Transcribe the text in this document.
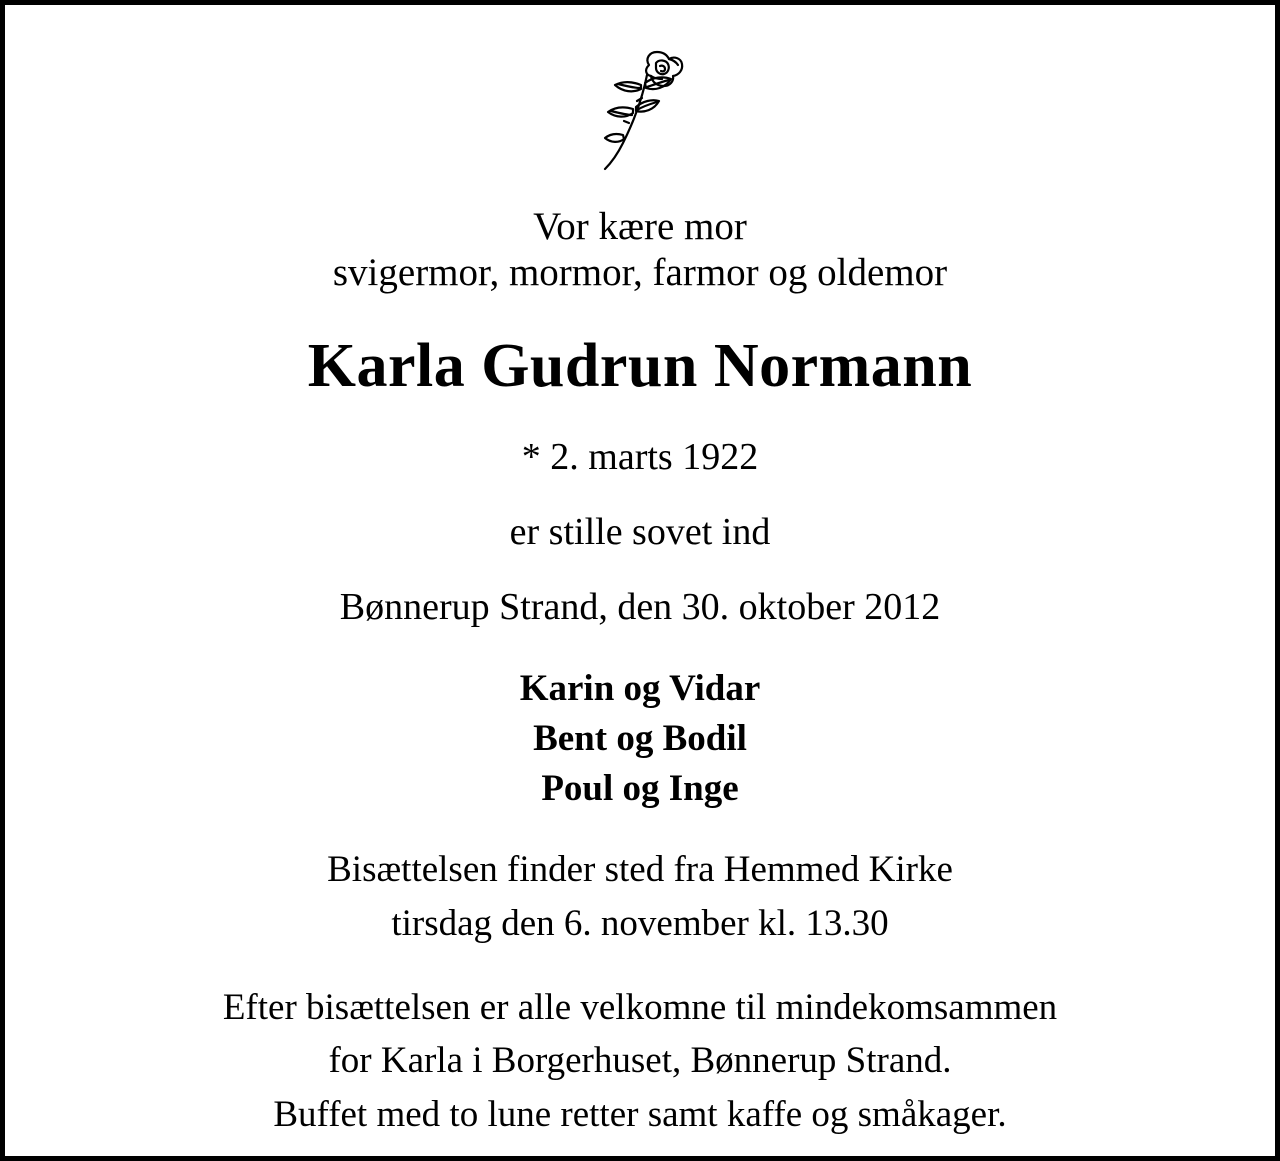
Vor kære mor
svigermor, mormor, farmor og oldemor
Karla Gudrun Normann
* 2. marts 1922
er stille sovet ind
Bønnerup Strand, den 30. oktober 2012
Karin og Vidar
Bent og Bodil
Poul og Inge
Bisættelsen finder sted fra Hemmed Kirke
tirsdag den 6. november kl. 13.30
Efter bisættelsen er alle velkomne til mindekomsammen
for Karla i Borgerhuset, Bønnerup Strand.
Buffet med to lune retter samt kaffe og småkager.
